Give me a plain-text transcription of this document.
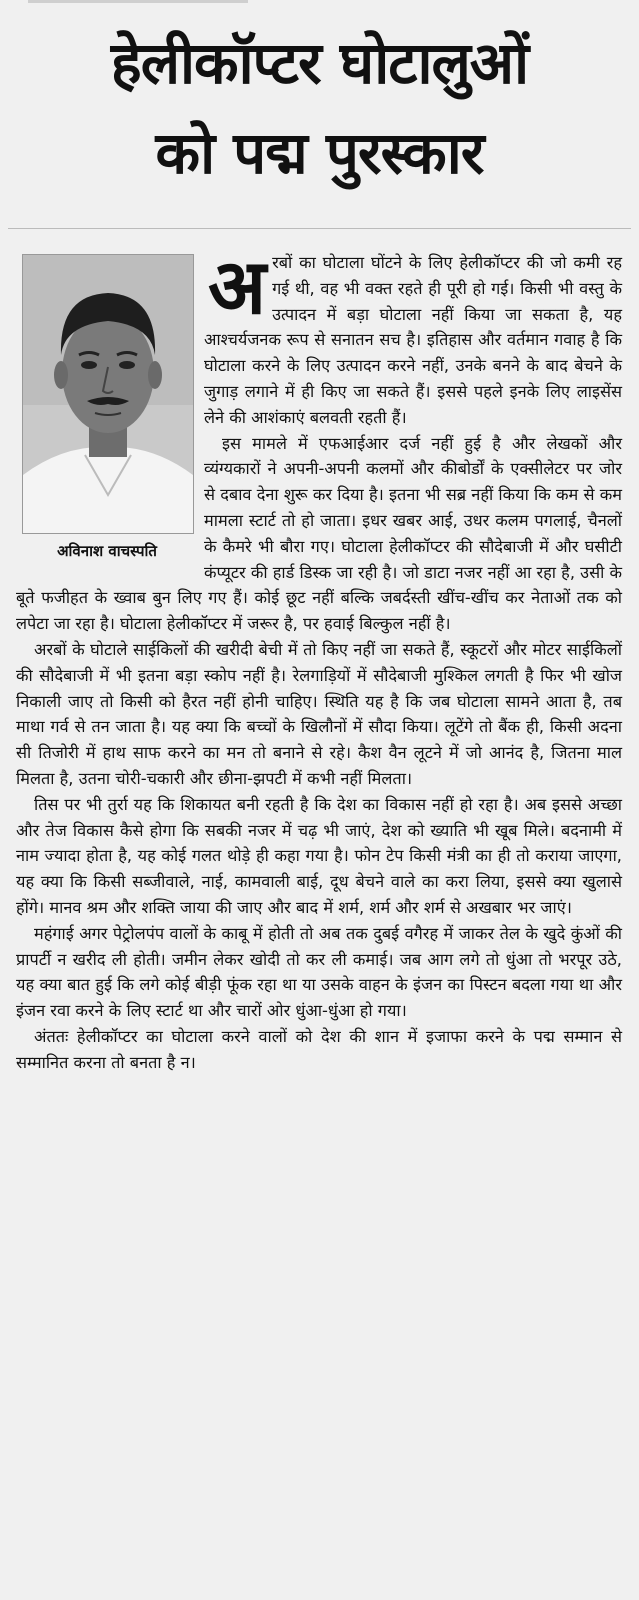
हेलीकॉप्टर घोटालुओं
को पद्म पुरस्कार
अविनाश वाचस्पति

अरबों का घोटाला घोंटने के लिए हेलीकॉप्टर की जो कमी रह गई थी, वह भी वक्त रहते ही पूरी हो गई। किसी भी वस्तु के उत्पादन में बड़ा घोटाला नहीं किया जा सकता है, यह आश्चर्यजनक रूप से सनातन सच है। इतिहास और वर्तमान गवाह है कि घोटाला करने के लिए उत्पादन करने नहीं, उनके बनने के बाद बेचने के जुगाड़ लगाने में ही किए जा सकते हैं। इससे पहले इनके लिए लाइसेंस लेने की आशंकाएं बलवती रहती हैं।

इस मामले में एफआईआर दर्ज नहीं हुई है और लेखकों और व्यंग्यकारों ने अपनी-अपनी कलमों और कीबोर्डों के एक्सीलेटर पर जोर से दबाव देना शुरू कर दिया है। इतना भी सब्र नहीं किया कि कम से कम मामला स्टार्ट तो हो जाता। इधर खबर आई, उधर कलम पगलाई, चैनलों के कैमरे भी बौरा गए। घोटाला हेलीकॉप्टर की सौदेबाजी में और घसीटी कंप्यूटर की हार्ड डिस्क जा रही है। जो डाटा नजर नहीं आ रहा है, उसी के बूते फजीहत के ख्वाब बुन लिए गए हैं। कोई छूट नहीं बल्कि जबर्दस्ती खींच-खींच कर नेताओं तक को लपेटा जा रहा है। घोटाला हेलीकॉप्टर में जरूर है, पर हवाई बिल्कुल नहीं है।

अरबों के घोटाले साईकिलों की खरीदी बेची में तो किए नहीं जा सकते हैं, स्कूटरों और मोटर साईकिलों की सौदेबाजी में भी इतना बड़ा स्कोप नहीं है। रेलगाड़ियों में सौदेबाजी मुश्किल लगती है फिर भी खोज निकाली जाए तो किसी को हैरत नहीं होनी चाहिए। स्थिति यह है कि जब घोटाला सामने आता है, तब माथा गर्व से तन जाता है। यह क्या कि बच्चों के खिलौनों में सौदा किया। लूटेंगे तो बैंक ही, किसी अदना सी तिजोरी में हाथ साफ करने का मन तो बनाने से रहे। कैश वैन लूटने में जो आनंद है, जितना माल मिलता है, उतना चोरी-चकारी और छीना-झपटी में कभी नहीं मिलता।

तिस पर भी तुर्रा यह कि शिकायत बनी रहती है कि देश का विकास नहीं हो रहा है। अब इससे अच्छा और तेज विकास कैसे होगा कि सबकी नजर में चढ़ भी जाएं, देश को ख्याति भी खूब मिले। बदनामी में नाम ज्यादा होता है, यह कोई गलत थोड़े ही कहा गया है। फोन टेप किसी मंत्री का ही तो कराया जाएगा, यह क्या कि किसी सब्जीवाले, नाई, कामवाली बाई, दूध बेचने वाले का करा लिया, इससे क्या खुलासे होंगे। मानव श्रम और शक्ति जाया की जाए और बाद में शर्म, शर्म और शर्म से अखबार भर जाएं।

महंगाई अगर पेट्रोलपंप वालों के काबू में होती तो अब तक दुबई वगैरह में जाकर तेल के खुदे कुंओं की प्रापर्टी न खरीद ली होती। जमीन लेकर खोदी तो कर ली कमाई। जब आग लगे तो धुंआ तो भरपूर उठे, यह क्या बात हुई कि लगे कोई बीड़ी फूंक रहा था या उसके वाहन के इंजन का पिस्टन बदला गया था और इंजन रवा करने के लिए स्टार्ट था और चारों ओर धुंआ-धुंआ हो गया।

अंततः हेलीकॉप्टर का घोटाला करने वालों को देश की शान में इजाफा करने के पद्म सम्मान से सम्मानित करना तो बनता है न।
